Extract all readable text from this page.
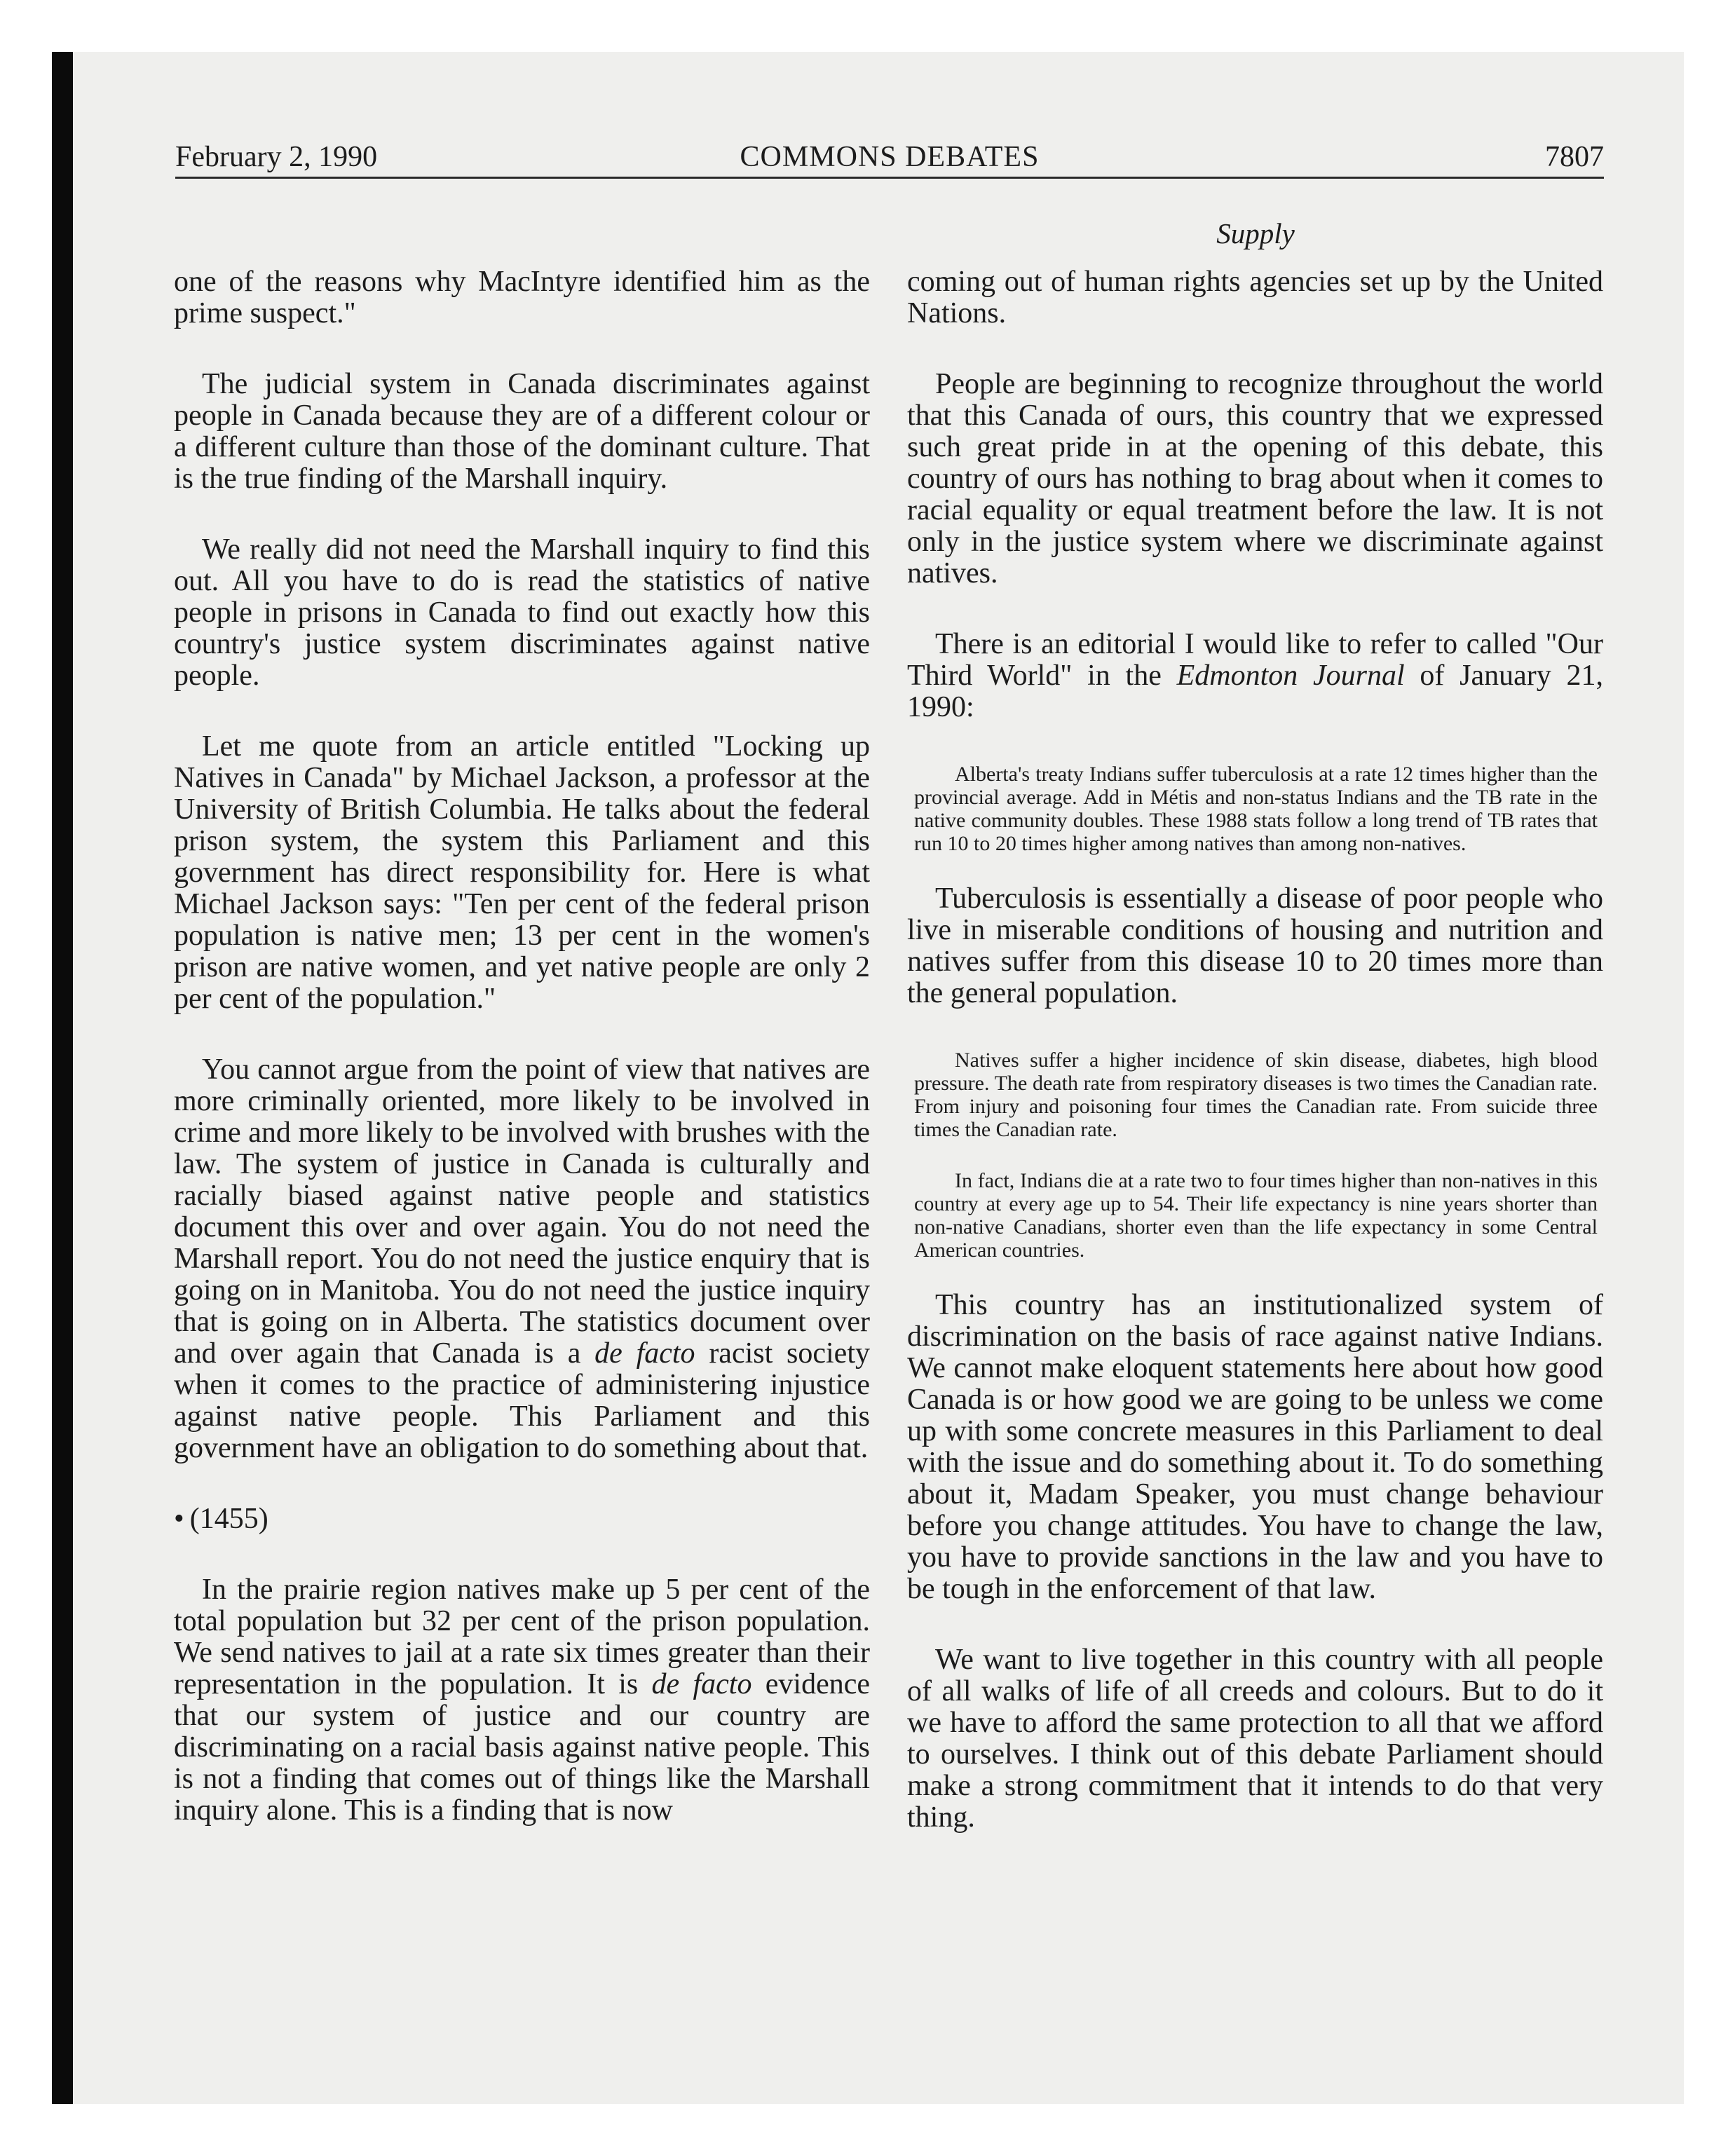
February 2, 1990	COMMONS DEBATES	7807
Supply

one of the reasons why MacIntyre identified him as the prime suspect."

The judicial system in Canada discriminates against people in Canada because they are of a different colour or a different culture than those of the dominant culture. That is the true finding of the Marshall inquiry.

We really did not need the Marshall inquiry to find this out. All you have to do is read the statistics of native people in prisons in Canada to find out exactly how this country's justice system discriminates against native people.

Let me quote from an article entitled "Locking up Natives in Canada" by Michael Jackson, a professor at the University of British Columbia. He talks about the federal prison system, the system this Parliament and this government has direct responsibility for. Here is what Michael Jackson says: "Ten per cent of the federal prison population is native men; 13 per cent in the women's prison are native women, and yet native people are only 2 per cent of the population."

You cannot argue from the point of view that natives are more criminally oriented, more likely to be involved in crime and more likely to be involved with brushes with the law. The system of justice in Canada is culturally and racially biased against native people and statistics document this over and over again. You do not need the Marshall report. You do not need the justice enquiry that is going on in Manitoba. You do not need the justice inquiry that is going on in Alberta. The statistics document over and over again that Canada is a de facto racist society when it comes to the practice of administering injustice against native people. This Parliament and this government have an obligation to do something about that.

• (1455)

In the prairie region natives make up 5 per cent of the total population but 32 per cent of the prison population. We send natives to jail at a rate six times greater than their representation in the population. It is de facto evidence that our system of justice and our country are discriminating on a racial basis against native people. This is not a finding that comes out of things like the Marshall inquiry alone. This is a finding that is now

coming out of human rights agencies set up by the United Nations.

People are beginning to recognize throughout the world that this Canada of ours, this country that we expressed such great pride in at the opening of this debate, this country of ours has nothing to brag about when it comes to racial equality or equal treatment before the law. It is not only in the justice system where we discriminate against natives.

There is an editorial I would like to refer to called "Our Third World" in the Edmonton Journal of January 21, 1990:

Alberta's treaty Indians suffer tuberculosis at a rate 12 times higher than the provincial average. Add in Métis and non-status Indians and the TB rate in the native community doubles. These 1988 stats follow a long trend of TB rates that run 10 to 20 times higher among natives than among non-natives.

Tuberculosis is essentially a disease of poor people who live in miserable conditions of housing and nutrition and natives suffer from this disease 10 to 20 times more than the general population.

Natives suffer a higher incidence of skin disease, diabetes, high blood pressure. The death rate from respiratory diseases is two times the Canadian rate. From injury and poisoning four times the Canadian rate. From suicide three times the Canadian rate.

In fact, Indians die at a rate two to four times higher than non-natives in this country at every age up to 54. Their life expectancy is nine years shorter than non-native Canadians, shorter even than the life expectancy in some Central American countries.

This country has an institutionalized system of discrimination on the basis of race against native Indians. We cannot make eloquent statements here about how good Canada is or how good we are going to be unless we come up with some concrete measures in this Parliament to deal with the issue and do something about it. To do something about it, Madam Speaker, you must change behaviour before you change attitudes. You have to change the law, you have to provide sanctions in the law and you have to be tough in the enforcement of that law.

We want to live together in this country with all people of all walks of life of all creeds and colours. But to do it we have to afford the same protection to all that we afford to ourselves. I think out of this debate Parliament should make a strong commitment that it intends to do that very thing.
